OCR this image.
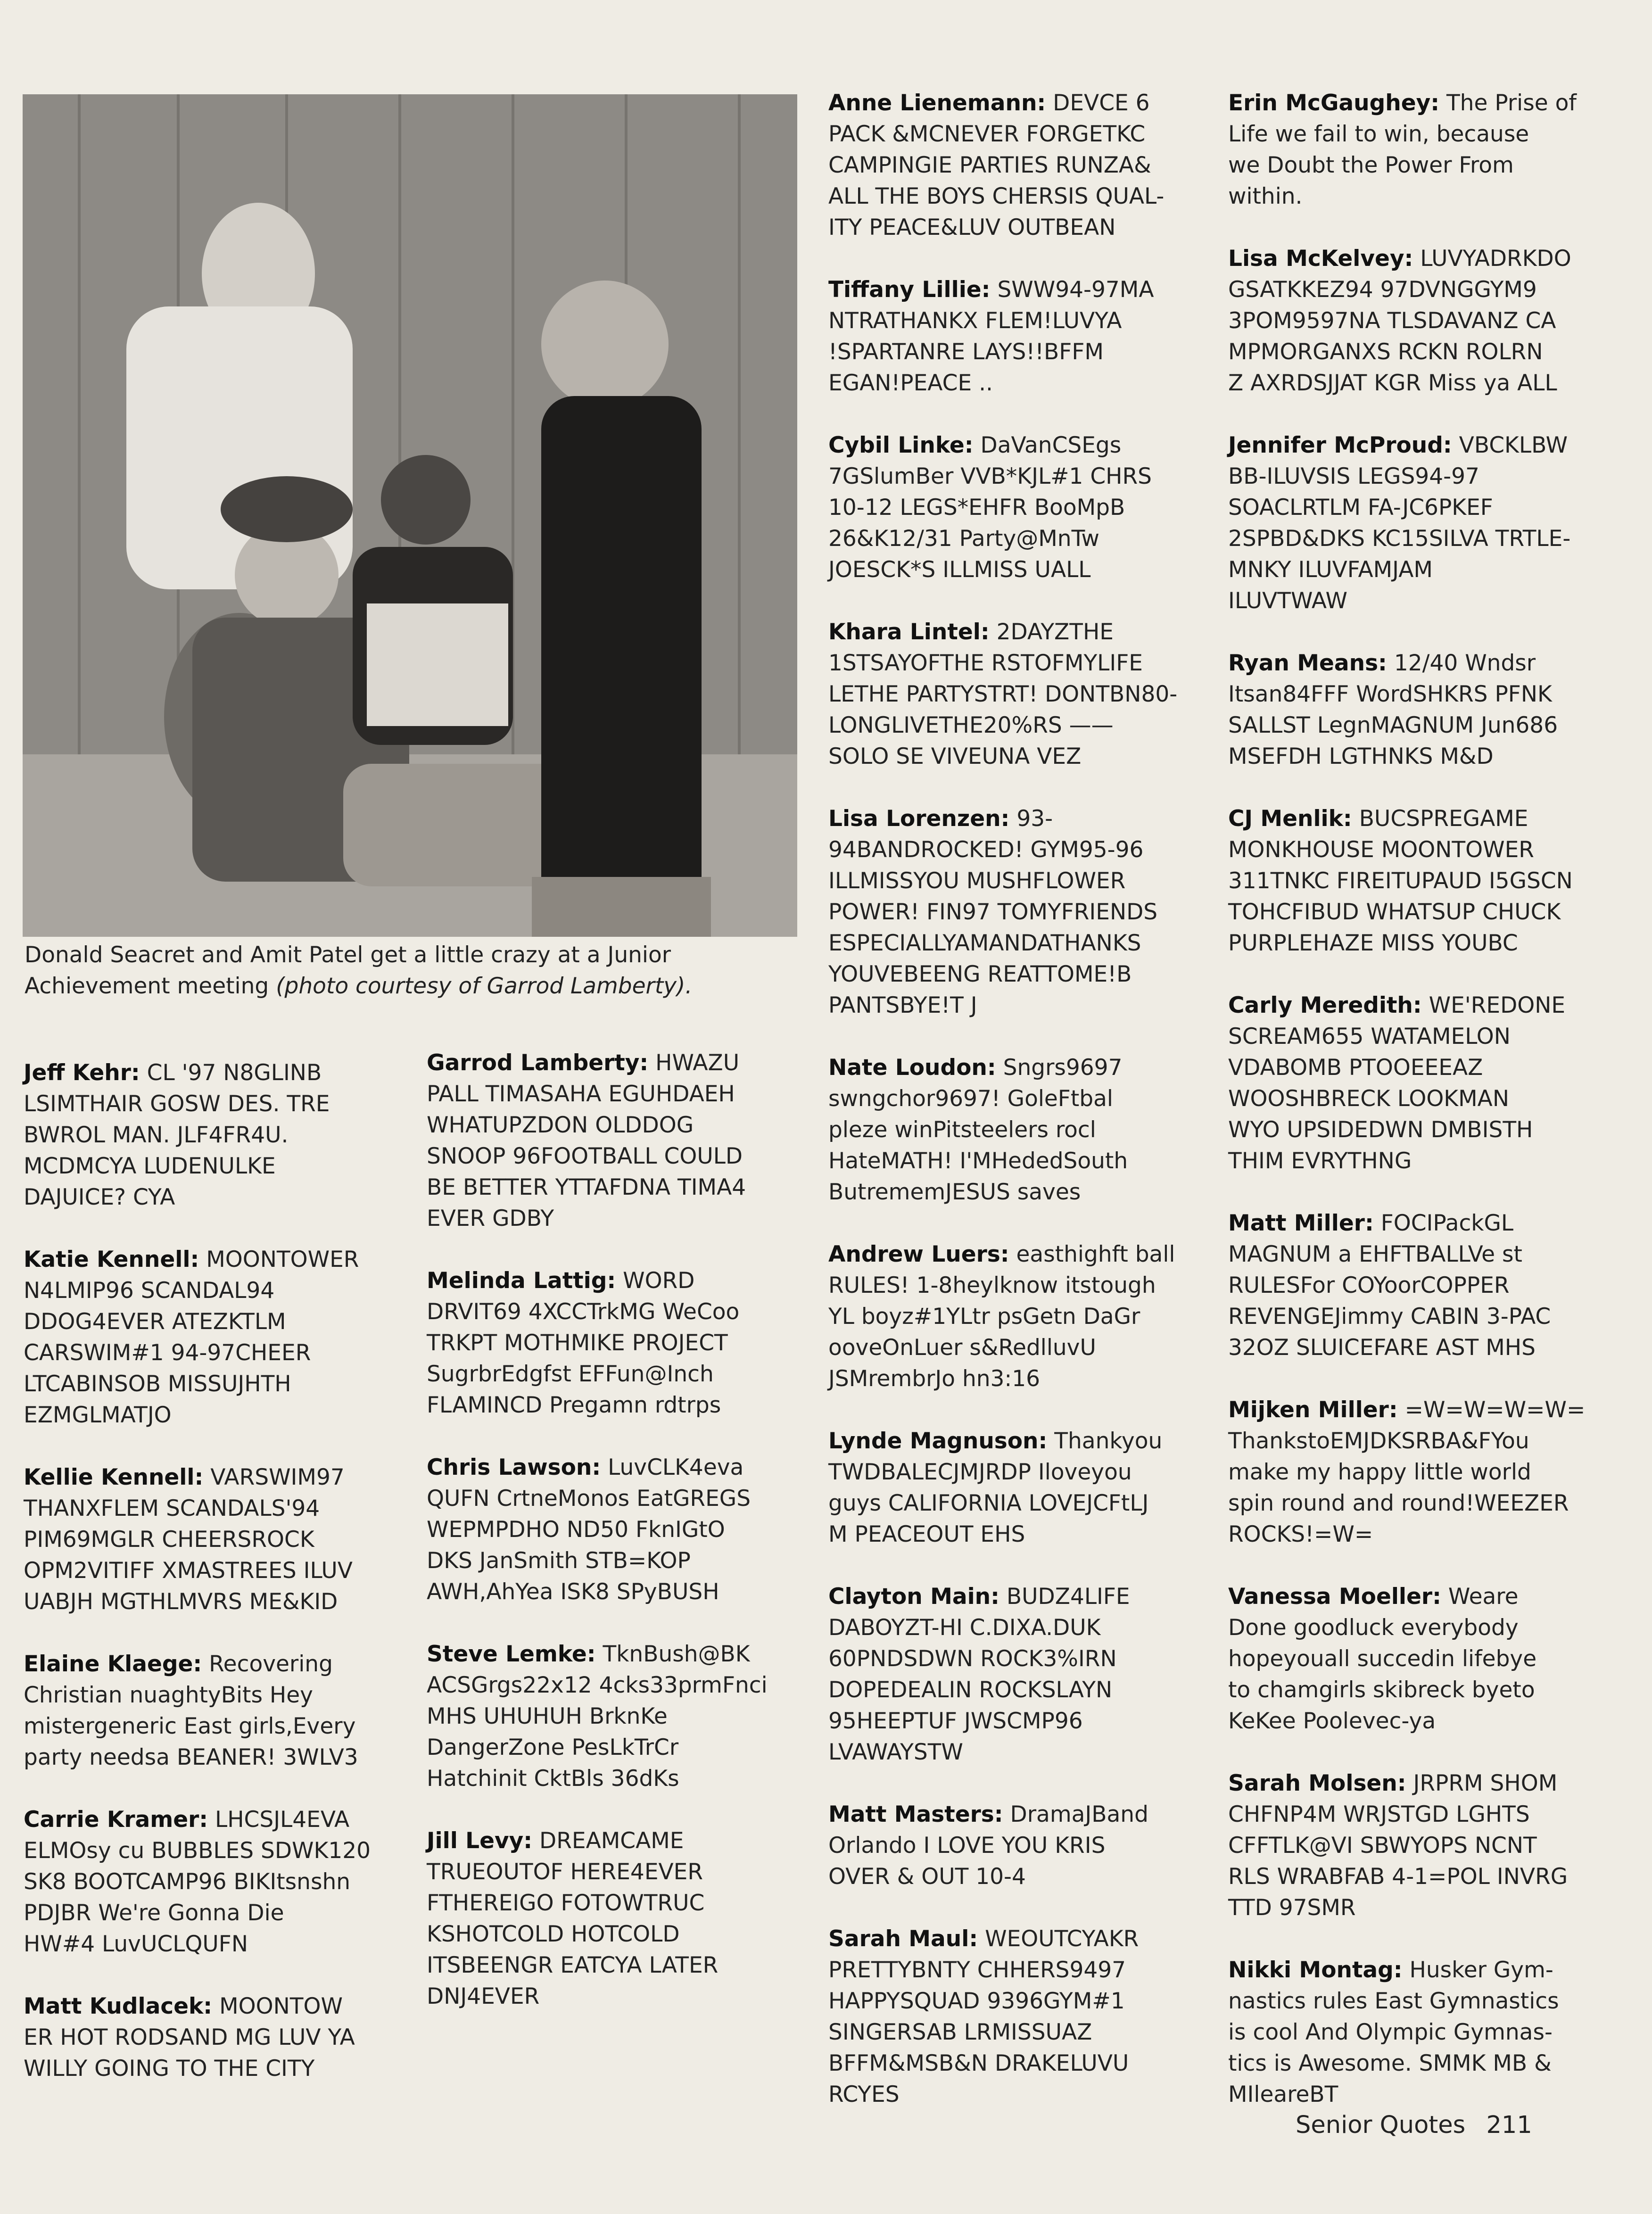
Donald Seacret and Amit Patel get a little crazy at a Junior Achievement meeting (photo courtesy of Garrod Lamberty).
Jeff Kehr: CL '97 N8GLINB
LSIMTHAIR GOSW DES. TRE
BWROL MAN. JLF4FR4U.
MCDMCYA LUDENULKE
DAJUICE? CYA
Katie Kennell: MOONTOWER
N4LMIP96 SCANDAL94
DDOG4EVER ATEZKTLM
CARSWIM#1 94-97CHEER
LTCABINSOB MISSUJHTH
EZMGLMATJO
Kellie Kennell: VARSWIM97
THANXFLEM SCANDALS'94
PIM69MGLR CHEERSROCK
OPM2VITIFF XMASTREES ILUV
UABJH MGTHLMVRS ME&KID
Elaine Klaege: Recovering
Christian nuaghtyBits Hey
mistergeneric East girls,Every
party needsa BEANER! 3WLV3
Carrie Kramer: LHCSJL4EVA
ELMOsy cu BUBBLES SDWK120
SK8 BOOTCAMP96 BIKItsnshn
PDJBR We're Gonna Die
HW#4 LuvUCLQUFN
Matt Kudlacek: MOONTOW
ER HOT RODSAND MG LUV YA
WILLY GOING TO THE CITY
Garrod Lamberty: HWAZU
PALL TIMASAHA EGUHDAEH
WHATUPZDON OLDDOG
SNOOP 96FOOTBALL COULD
BE BETTER YTTAFDNA TIMA4
EVER GDBY
Melinda Lattig: WORD
DRVIT69 4XCCTrkMG WeCoo
TRKPT MOTHMIKE PROJECT
SugrbrEdgfst EFFun@Inch
FLAMINCD Pregamn rdtrps
Chris Lawson: LuvCLK4eva
QUFN CrtneMonos EatGREGS
WEPMPDHO ND50 FknIGtO
DKS JanSmith STB=KOP
AWH,AhYea ISK8 SPyBUSH
Steve Lemke: TknBush@BK
ACSGrgs22x12 4cks33prmFnci
MHS UHUHUH BrknKe
DangerZone PesLkTrCr
Hatchinit CktBls 36dKs
Jill Levy: DREAMCAME
TRUEOUTOF HERE4EVER
FTHEREIGO FOTOWTRUC
KSHOTCOLD HOTCOLD
ITSBEENGR EATCYA LATER
DNJ4EVER
Anne Lienemann: DEVCE 6
PACK &MCNEVER FORGETKC
CAMPINGIE PARTIES RUNZA&
ALL THE BOYS CHERSIS QUAL-
ITY PEACE&LUV OUTBEAN
Tiffany Lillie: SWW94-97MA
NTRATHANKX FLEM!LUVYA
!SPARTANRE LAYS!!BFFM
EGAN!PEACE ..
Cybil Linke: DaVanCSEgs
7GSlumBer VVB*KJL#1 CHRS
10-12 LEGS*EHFR BooMpB
26&K12/31 Party@MnTw
JOESCK*S ILLMISS UALL
Khara Lintel: 2DAYZTHE
1STSAYOFTHE RSTOFMYLIFE
LETHE PARTYSTRT! DONTBN80-
LONGLIVETHE20%RS ——
SOLO SE VIVEUNA VEZ
Lisa Lorenzen: 93-
94BANDROCKED! GYM95-96
ILLMISSYOU MUSHFLOWER
POWER! FIN97 TOMYFRIENDS
ESPECIALLYAMANDATHANKS
YOUVEBEENG REATTOME!B
PANTSBYE!T J
Nate Loudon: Sngrs9697
swngchor9697! GoleFtbal
pleze winPitsteelers rocl
HateMATH! I'MHededSouth
ButrememJESUS saves
Andrew Luers: easthighft ball
RULES! 1-8heylknow itstough
YL boyz#1YLtr psGetn DaGr
ooveOnLuer s&RedlluvU
JSMrembrJo hn3:16
Lynde Magnuson: Thankyou
TWDBALECJMJRDP Iloveyou
guys CALIFORNIA LOVEJCFtLJ
M PEACEOUT EHS
Clayton Main: BUDZ4LIFE
DABOYZT-HI C.DIXA.DUK
60PNDSDWN ROCK3%IRN
DOPEDEALIN ROCKSLAYN
95HEEPTUF JWSCMP96
LVAWAYSTW
Matt Masters: DramaJBand
Orlando I LOVE YOU KRIS
OVER & OUT 10-4
Sarah Maul: WEOUTCYAKR
PRETTYBNTY CHHERS9497
HAPPYSQUAD 9396GYM#1
SINGERSAB LRMISSUAZ
BFFM&MSB&N DRAKELUVU
RCYES
Erin McGaughey: The Prise of
Life we fail to win, because
we Doubt the Power From
within.
Lisa McKelvey: LUVYADRKDO
GSATKKEZ94 97DVNGGYM9
3POM9597NA TLSDAVANZ CA
MPMORGANXS RCKN ROLRN
Z AXRDSJJAT KGR Miss ya ALL
Jennifer McProud: VBCKLBW
BB-ILUVSIS LEGS94-97
SOACLRTLM FA-JC6PKEF
2SPBD&DKS KC15SILVA TRTLE-
MNKY ILUVFAMJAM
ILUVTWAW
Ryan Means: 12/40 Wndsr
Itsan84FFF WordSHKRS PFNK
SALLST LegnMAGNUM Jun686
MSEFDH LGTHNKS M&D
CJ Menlik: BUCSPREGAME
MONKHOUSE MOONTOWER
311TNKC FIREITUPAUD I5GSCN
TOHCFIBUD WHATSUP CHUCK
PURPLEHAZE MISS YOUBC
Carly Meredith: WE'REDONE
SCREAM655 WATAMELON
VDABOMB PTOOEEEAZ
WOOSHBRECK LOOKMAN
WYO UPSIDEDWN DMBISTH
THIM EVRYTHNG
Matt Miller: FOCIPackGL
MAGNUM a EHFTBALLVe st
RULESFor COYoorCOPPER
REVENGEJimmy CABIN 3-PAC
32OZ SLUICEFARE AST MHS
Mijken Miller: =W=W=W=W=
ThankstoEMJDKSRBA&FYou
make my happy little world
spin round and round!WEEZER
ROCKS!=W=
Vanessa Moeller: Weare
Done goodluck everybody
hopeyouall succedin lifebye
to chamgirls skibreck byeto
KeKee Poolevec-ya
Sarah Molsen: JRPRM SHOM
CHFNP4M WRJSTGD LGHTS
CFFTLK@VI SBWYOPS NCNT
RLS WRABFAB 4-1=POL INVRG
TTD 97SMR
Nikki Montag: Husker Gym-
nastics rules East Gymnastics
is cool And Olympic Gymnas-
tics is Awesome. SMMK MB &
MIleareBT
Senior Quotes 211
